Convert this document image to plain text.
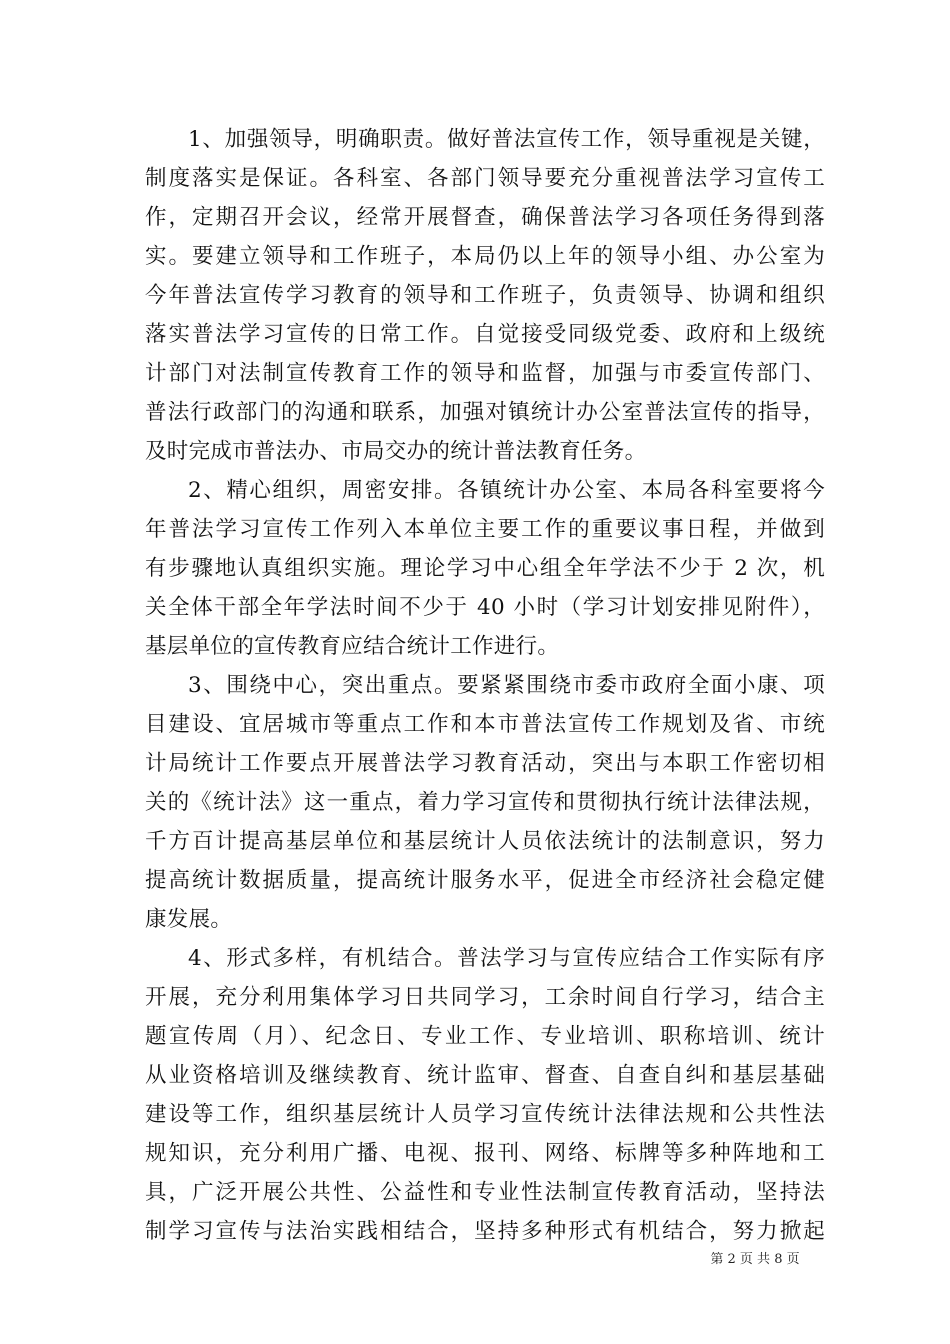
1、加强领导，明确职责。做好普法宣传工作，领导重视是关键，
制度落实是保证。各科室、各部门领导要充分重视普法学习宣传工
作，定期召开会议，经常开展督查，确保普法学习各项任务得到落
实。要建立领导和工作班子，本局仍以上年的领导小组、办公室为
今年普法宣传学习教育的领导和工作班子，负责领导、协调和组织
落实普法学习宣传的日常工作。自觉接受同级党委、政府和上级统
计部门对法制宣传教育工作的领导和监督，加强与市委宣传部门、
普法行政部门的沟通和联系，加强对镇统计办公室普法宣传的指导，
及时完成市普法办、市局交办的统计普法教育任务。
2、精心组织，周密安排。各镇统计办公室、本局各科室要将今
年普法学习宣传工作列入本单位主要工作的重要议事日程，并做到
有步骤地认真组织实施。理论学习中心组全年学法不少于 2 次，机
关全体干部全年学法时间不少于 40 小时（学习计划安排见附件），
基层单位的宣传教育应结合统计工作进行。
3、围绕中心，突出重点。要紧紧围绕市委市政府全面小康、项
目建设、宜居城市等重点工作和本市普法宣传工作规划及省、市统
计局统计工作要点开展普法学习教育活动，突出与本职工作密切相
关的《统计法》这一重点，着力学习宣传和贯彻执行统计法律法规，
千方百计提高基层单位和基层统计人员依法统计的法制意识，努力
提高统计数据质量，提高统计服务水平，促进全市经济社会稳定健
康发展。
4、形式多样，有机结合。普法学习与宣传应结合工作实际有序
开展，充分利用集体学习日共同学习，工余时间自行学习，结合主
题宣传周（月）、纪念日、专业工作、专业培训、职称培训、统计
从业资格培训及继续教育、统计监审、督查、自查自纠和基层基础
建设等工作，组织基层统计人员学习宣传统计法律法规和公共性法
规知识，充分利用广播、电视、报刊、网络、标牌等多种阵地和工
具，广泛开展公共性、公益性和专业性法制宣传教育活动，坚持法
制学习宣传与法治实践相结合，坚持多种形式有机结合，努力掀起
第 2 页 共 8 页
